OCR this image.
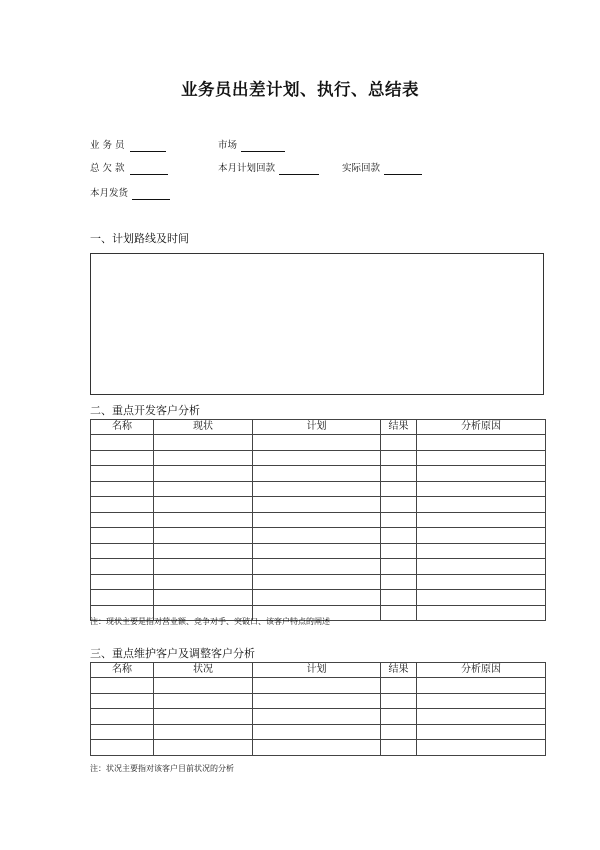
业务员出差计划、执行、总结表
业 务 员	市场
总 欠 款	本月计划回款	实际回款
本月发货
一、计划路线及时间
二、重点开发客户分析
名称	现状	计划	结果	分析原因

注：现状主要是指对营业额、竞争对手、突破口、该客户特点的阐述
三、重点维护客户及调整客户分析
名称	状况	计划	结果	分析原因

注：状况主要指对该客户目前状况的分析
